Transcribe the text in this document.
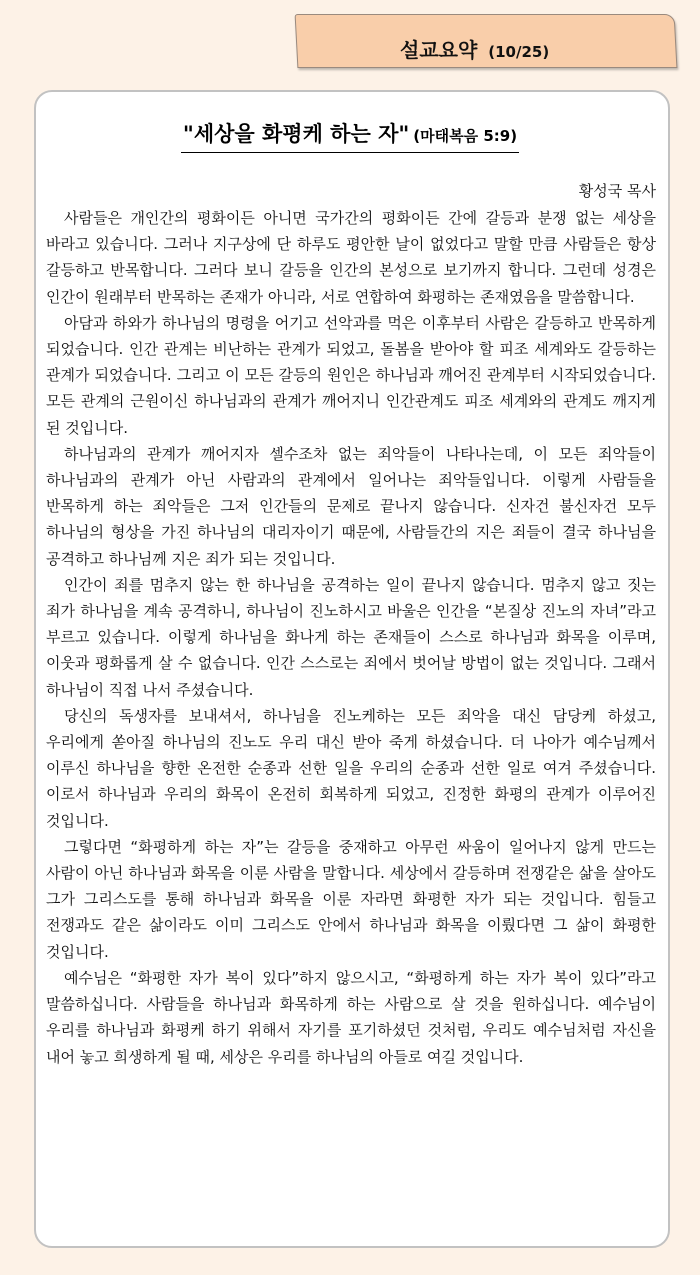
설교요약 (10/25)
"세상을 화평케 하는 자" (마태복음 5:9)
황성국 목사

사람들은 개인간의 평화이든 아니면 국가간의 평화이든 간에 갈등과 분쟁 없는 세상을 바라고 있습니다. 그러나 지구상에 단 하루도 평안한 날이 없었다고 말할 만큼 사람들은 항상 갈등하고 반목합니다. 그러다 보니 갈등을 인간의 본성으로 보기까지 합니다. 그런데 성경은 인간이 원래부터 반목하는 존재가 아니라, 서로 연합하여 화평하는 존재였음을 말씀합니다.

아담과 하와가 하나님의 명령을 어기고 선악과를 먹은 이후부터 사람은 갈등하고 반목하게 되었습니다. 인간 관계는 비난하는 관계가 되었고, 돌봄을 받아야 할 피조 세계와도 갈등하는 관계가 되었습니다. 그리고 이 모든 갈등의 원인은 하나님과 깨어진 관계부터 시작되었습니다. 모든 관계의 근원이신 하나님과의 관계가 깨어지니 인간관계도 피조 세계와의 관계도 깨지게 된 것입니다.

하나님과의 관계가 깨어지자 셀수조차 없는 죄악들이 나타나는데, 이 모든 죄악들이 하나님과의 관계가 아닌 사람과의 관계에서 일어나는 죄악들입니다. 이렇게 사람들을 반목하게 하는 죄악들은 그저 인간들의 문제로 끝나지 않습니다. 신자건 불신자건 모두 하나님의 형상을 가진 하나님의 대리자이기 때문에, 사람들간의 지은 죄들이 결국 하나님을 공격하고 하나님께 지은 죄가 되는 것입니다.

인간이 죄를 멈추지 않는 한 하나님을 공격하는 일이 끝나지 않습니다. 멈추지 않고 짓는 죄가 하나님을 계속 공격하니, 하나님이 진노하시고 바울은 인간을 “본질상 진노의 자녀”라고 부르고 있습니다. 이렇게 하나님을 화나게 하는 존재들이 스스로 하나님과 화목을 이루며, 이웃과 평화롭게 살 수 없습니다. 인간 스스로는 죄에서 벗어날 방법이 없는 것입니다. 그래서 하나님이 직접 나서 주셨습니다.

당신의 독생자를 보내셔서, 하나님을 진노케하는 모든 죄악을 대신 담당케 하셨고, 우리에게 쏟아질 하나님의 진노도 우리 대신 받아 죽게 하셨습니다. 더 나아가 예수님께서 이루신 하나님을 향한 온전한 순종과 선한 일을 우리의 순종과 선한 일로 여겨 주셨습니다. 이로서 하나님과 우리의 화목이 온전히 회복하게 되었고, 진정한 화평의 관계가 이루어진 것입니다.

그렇다면 “화평하게 하는 자”는 갈등을 중재하고 아무런 싸움이 일어나지 않게 만드는 사람이 아닌 하나님과 화목을 이룬 사람을 말합니다. 세상에서 갈등하며 전쟁같은 삶을 살아도 그가 그리스도를 통해 하나님과 화목을 이룬 자라면 화평한 자가 되는 것입니다. 힘들고 전쟁과도 같은 삶이라도 이미 그리스도 안에서 하나님과 화목을 이뤘다면 그 삶이 화평한 것입니다.

예수님은 “화평한 자가 복이 있다”하지 않으시고, “화평하게 하는 자가 복이 있다”라고 말씀하십니다. 사람들을 하나님과 화목하게 하는 사람으로 살 것을 원하십니다. 예수님이 우리를 하나님과 화평케 하기 위해서 자기를 포기하셨던 것처럼, 우리도 예수님처럼 자신을 내어 놓고 희생하게 될 때, 세상은 우리를 하나님의 아들로 여길 것입니다.
